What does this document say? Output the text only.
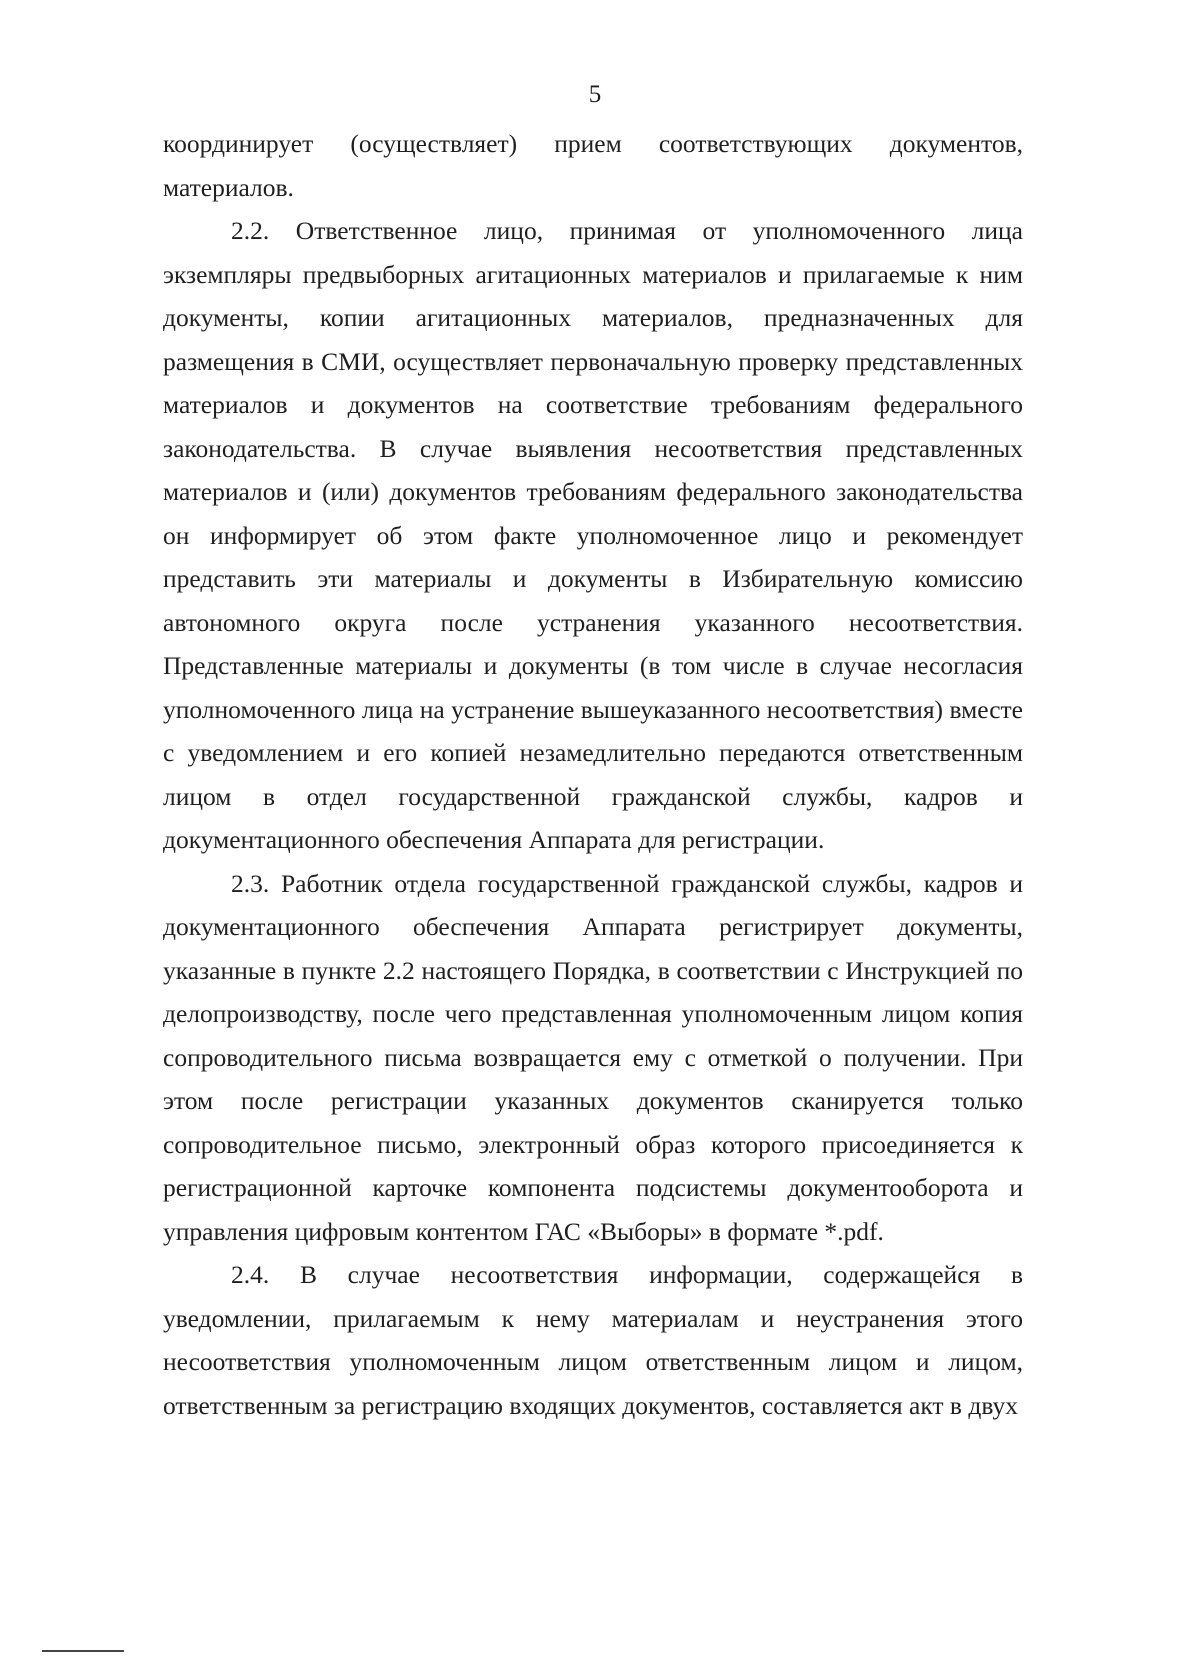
5

координирует (осуществляет) прием соответствующих документов, материалов.

2.2. Ответственное лицо, принимая от уполномоченного лица экземпляры предвыборных агитационных материалов и прилагаемые к ним документы, копии агитационных материалов, предназначенных для размещения в СМИ, осуществляет первоначальную проверку представленных материалов и документов на соответствие требованиям федерального законодательства. В случае выявления несоответствия представленных материалов и (или) документов требованиям федерального законодательства он информирует об этом факте уполномоченное лицо и рекомендует представить эти материалы и документы в Избирательную комиссию автономного округа после устранения указанного несоответствия. Представленные материалы и документы (в том числе в случае несогласия уполномоченного лица на устранение вышеуказанного несоответствия) вместе с уведомлением и его копией незамедлительно передаются ответственным лицом в отдел государственной гражданской службы, кадров и документационного обеспечения Аппарата для регистрации.

2.3. Работник отдела государственной гражданской службы, кадров и документационного обеспечения Аппарата регистрирует документы, указанные в пункте 2.2 настоящего Порядка, в соответствии с Инструкцией по делопроизводству, после чего представленная уполномоченным лицом копия сопроводительного письма возвращается ему с отметкой о получении. При этом после регистрации указанных документов сканируется только сопроводительное письмо, электронный образ которого присоединяется к регистрационной карточке компонента подсистемы документооборота и управления цифровым контентом ГАС «Выборы» в формате *.pdf.

2.4. В случае несоответствия информации, содержащейся в уведомлении, прилагаемым к нему материалам и неустранения этого несоответствия уполномоченным лицом ответственным лицом и лицом, ответственным за регистрацию входящих документов, составляется акт в двух
